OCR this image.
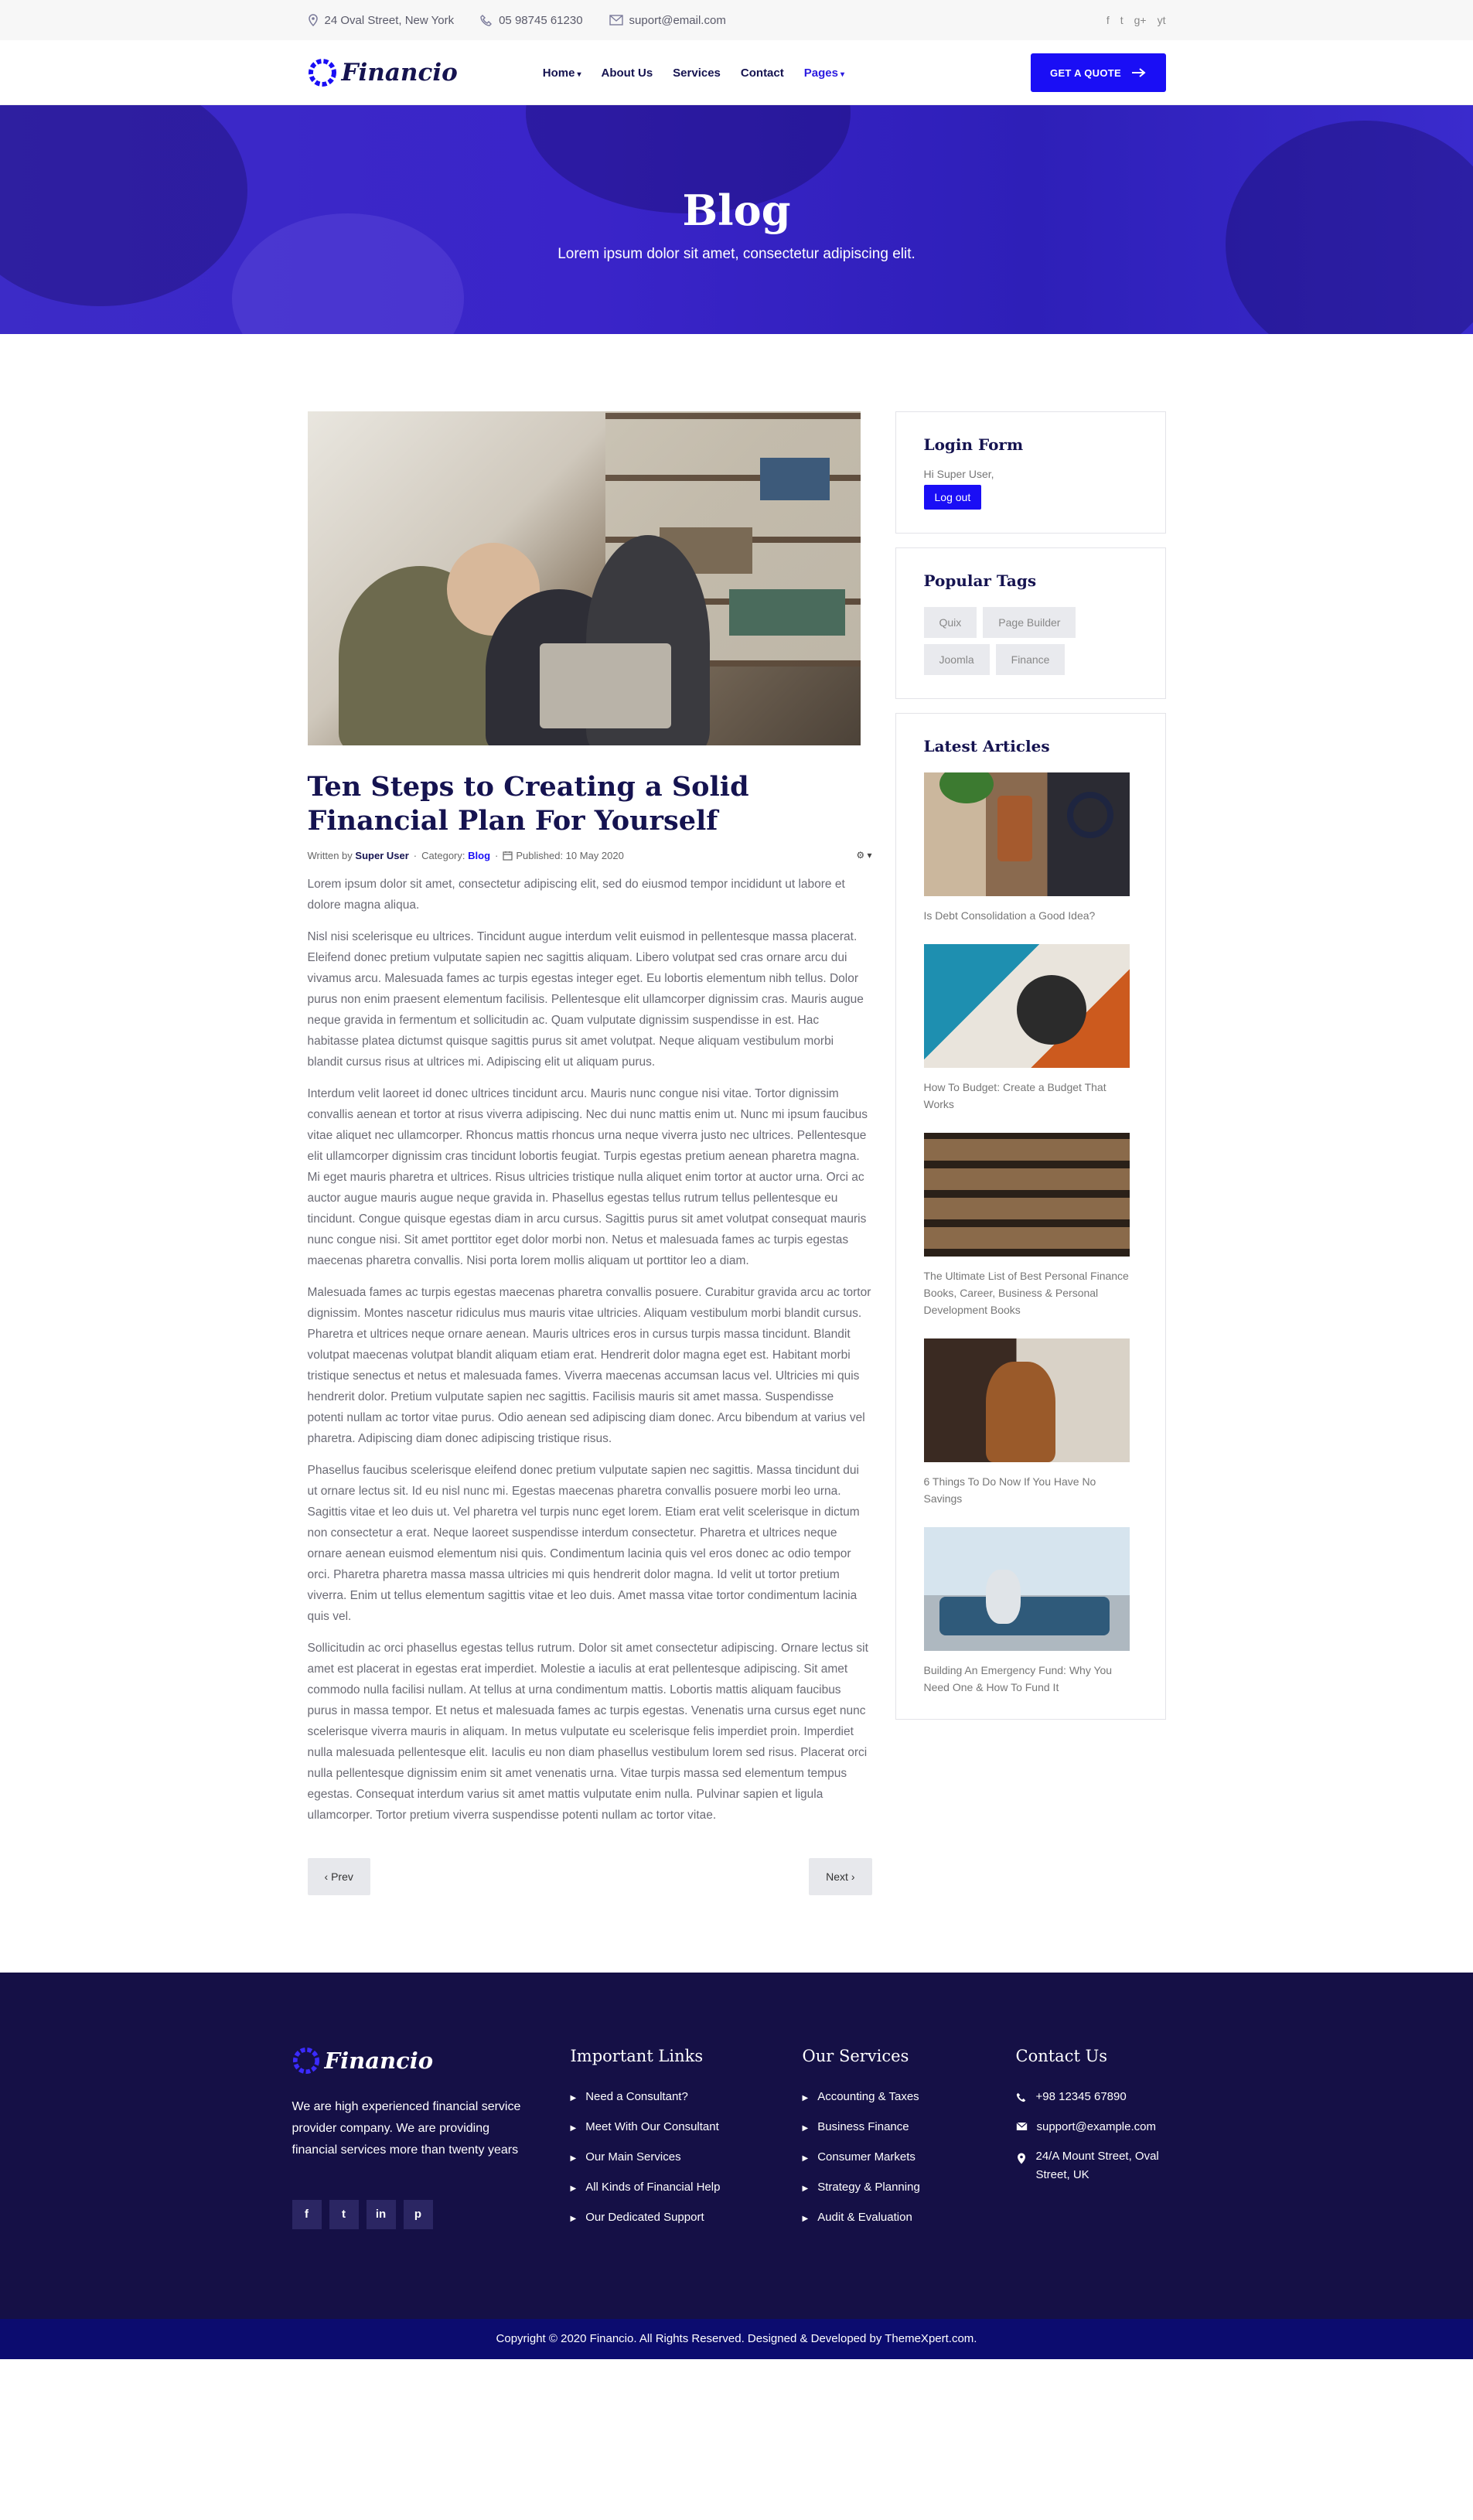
24 Oval Street, New York	05 98745 61230	suport@email.com	f t g+ yt
Financio	Home ▾ About Us Services Contact Pages ▾	GET A QUOTE
Blog

Lorem ipsum dolor sit amet, consectetur adipiscing elit.

Ten Steps to Creating a Solid Financial Plan For Yourself
Written by
Super User · Category:
Blog · Published: 10 May 2020	⚙ ▾

Lorem ipsum dolor sit amet, consectetur adipiscing elit, sed do eiusmod tempor incididunt ut labore et dolore magna aliqua.

Nisl nisi scelerisque eu ultrices. Tincidunt augue interdum velit euismod in pellentesque massa placerat. Eleifend donec pretium vulputate sapien nec sagittis aliquam. Libero volutpat sed cras ornare arcu dui vivamus arcu. Malesuada fames ac turpis egestas integer eget. Eu lobortis elementum nibh tellus. Dolor purus non enim praesent elementum facilisis. Pellentesque elit ullamcorper dignissim cras. Mauris augue neque gravida in fermentum et sollicitudin ac. Quam vulputate dignissim suspendisse in est. Hac habitasse platea dictumst quisque sagittis purus sit amet volutpat. Neque aliquam vestibulum morbi blandit cursus risus at ultrices mi. Adipiscing elit ut aliquam purus.

Interdum velit laoreet id donec ultrices tincidunt arcu. Mauris nunc congue nisi vitae. Tortor dignissim convallis aenean et tortor at risus viverra adipiscing. Nec dui nunc mattis enim ut. Nunc mi ipsum faucibus vitae aliquet nec ullamcorper. Rhoncus mattis rhoncus urna neque viverra justo nec ultrices. Pellentesque elit ullamcorper dignissim cras tincidunt lobortis feugiat. Turpis egestas pretium aenean pharetra magna. Mi eget mauris pharetra et ultrices. Risus ultricies tristique nulla aliquet enim tortor at auctor urna. Orci ac auctor augue mauris augue neque gravida in. Phasellus egestas tellus rutrum tellus pellentesque eu tincidunt. Congue quisque egestas diam in arcu cursus. Sagittis purus sit amet volutpat consequat mauris nunc congue nisi. Sit amet porttitor eget dolor morbi non. Netus et malesuada fames ac turpis egestas maecenas pharetra convallis. Nisi porta lorem mollis aliquam ut porttitor leo a diam.

Malesuada fames ac turpis egestas maecenas pharetra convallis posuere. Curabitur gravida arcu ac tortor dignissim. Montes nascetur ridiculus mus mauris vitae ultricies. Aliquam vestibulum morbi blandit cursus. Pharetra et ultrices neque ornare aenean. Mauris ultrices eros in cursus turpis massa tincidunt. Blandit volutpat maecenas volutpat blandit aliquam etiam erat. Hendrerit dolor magna eget est. Habitant morbi tristique senectus et netus et malesuada fames. Viverra maecenas accumsan lacus vel. Ultricies mi quis hendrerit dolor. Pretium vulputate sapien nec sagittis. Facilisis mauris sit amet massa. Suspendisse potenti nullam ac tortor vitae purus. Odio aenean sed adipiscing diam donec. Arcu bibendum at varius vel pharetra. Adipiscing diam donec adipiscing tristique risus.

Phasellus faucibus scelerisque eleifend donec pretium vulputate sapien nec sagittis. Massa tincidunt dui ut ornare lectus sit. Id eu nisl nunc mi. Egestas maecenas pharetra convallis posuere morbi leo urna. Sagittis vitae et leo duis ut. Vel pharetra vel turpis nunc eget lorem. Etiam erat velit scelerisque in dictum non consectetur a erat. Neque laoreet suspendisse interdum consectetur. Pharetra et ultrices neque ornare aenean euismod elementum nisi quis. Condimentum lacinia quis vel eros donec ac odio tempor orci. Pharetra pharetra massa massa ultricies mi quis hendrerit dolor magna. Id velit ut tortor pretium viverra. Enim ut tellus elementum sagittis vitae et leo duis. Amet massa vitae tortor condimentum lacinia quis vel.

Sollicitudin ac orci phasellus egestas tellus rutrum. Dolor sit amet consectetur adipiscing. Ornare lectus sit amet est placerat in egestas erat imperdiet. Molestie a iaculis at erat pellentesque adipiscing. Sit amet commodo nulla facilisi nullam. At tellus at urna condimentum mattis. Lobortis mattis aliquam faucibus purus in massa tempor. Et netus et malesuada fames ac turpis egestas. Venenatis urna cursus eget nunc scelerisque viverra mauris in aliquam. In metus vulputate eu scelerisque felis imperdiet proin. Imperdiet nulla malesuada pellentesque elit. Iaculis eu non diam phasellus vestibulum lorem sed risus. Placerat orci nulla pellentesque dignissim enim sit amet venenatis urna. Vitae turpis massa sed elementum tempus egestas. Consequat interdum varius sit amet mattis vulputate enim nulla. Pulvinar sapien et ligula ullamcorper. Tortor pretium viverra suspendisse potenti nullam ac tortor vitae.

‹ Prev	Next ›
Login Form
Hi Super User,
Log out
Popular Tags
Quix	Page Builder
Joomla	Finance
Latest Articles
Is Debt Consolidation a Good Idea?
How To Budget: Create a Budget That Works
The Ultimate List of Best Personal Finance Books, Career, Business & Personal Development Books
6 Things To Do Now If You Have No Savings
Building An Emergency Fund: Why You Need One & How To Fund It
Financio
We are high experienced financial service provider company. We are providing financial services more than twenty years
f	t	in	p
Important Links
▶ Need a Consultant?
▶ Meet With Our Consultant
▶ Our Main Services
▶ All Kinds of Financial Help
▶ Our Dedicated Support
Our Services
▶ Accounting & Taxes
▶ Business Finance
▶ Consumer Markets
▶ Strategy & Planning
▶ Audit & Evaluation
Contact Us
+98 12345 67890
support@example.com
24/A Mount Street, Oval Street, UK
Copyright © 2020 Financio. All Rights Reserved. Designed & Developed by ThemeXpert.com.
